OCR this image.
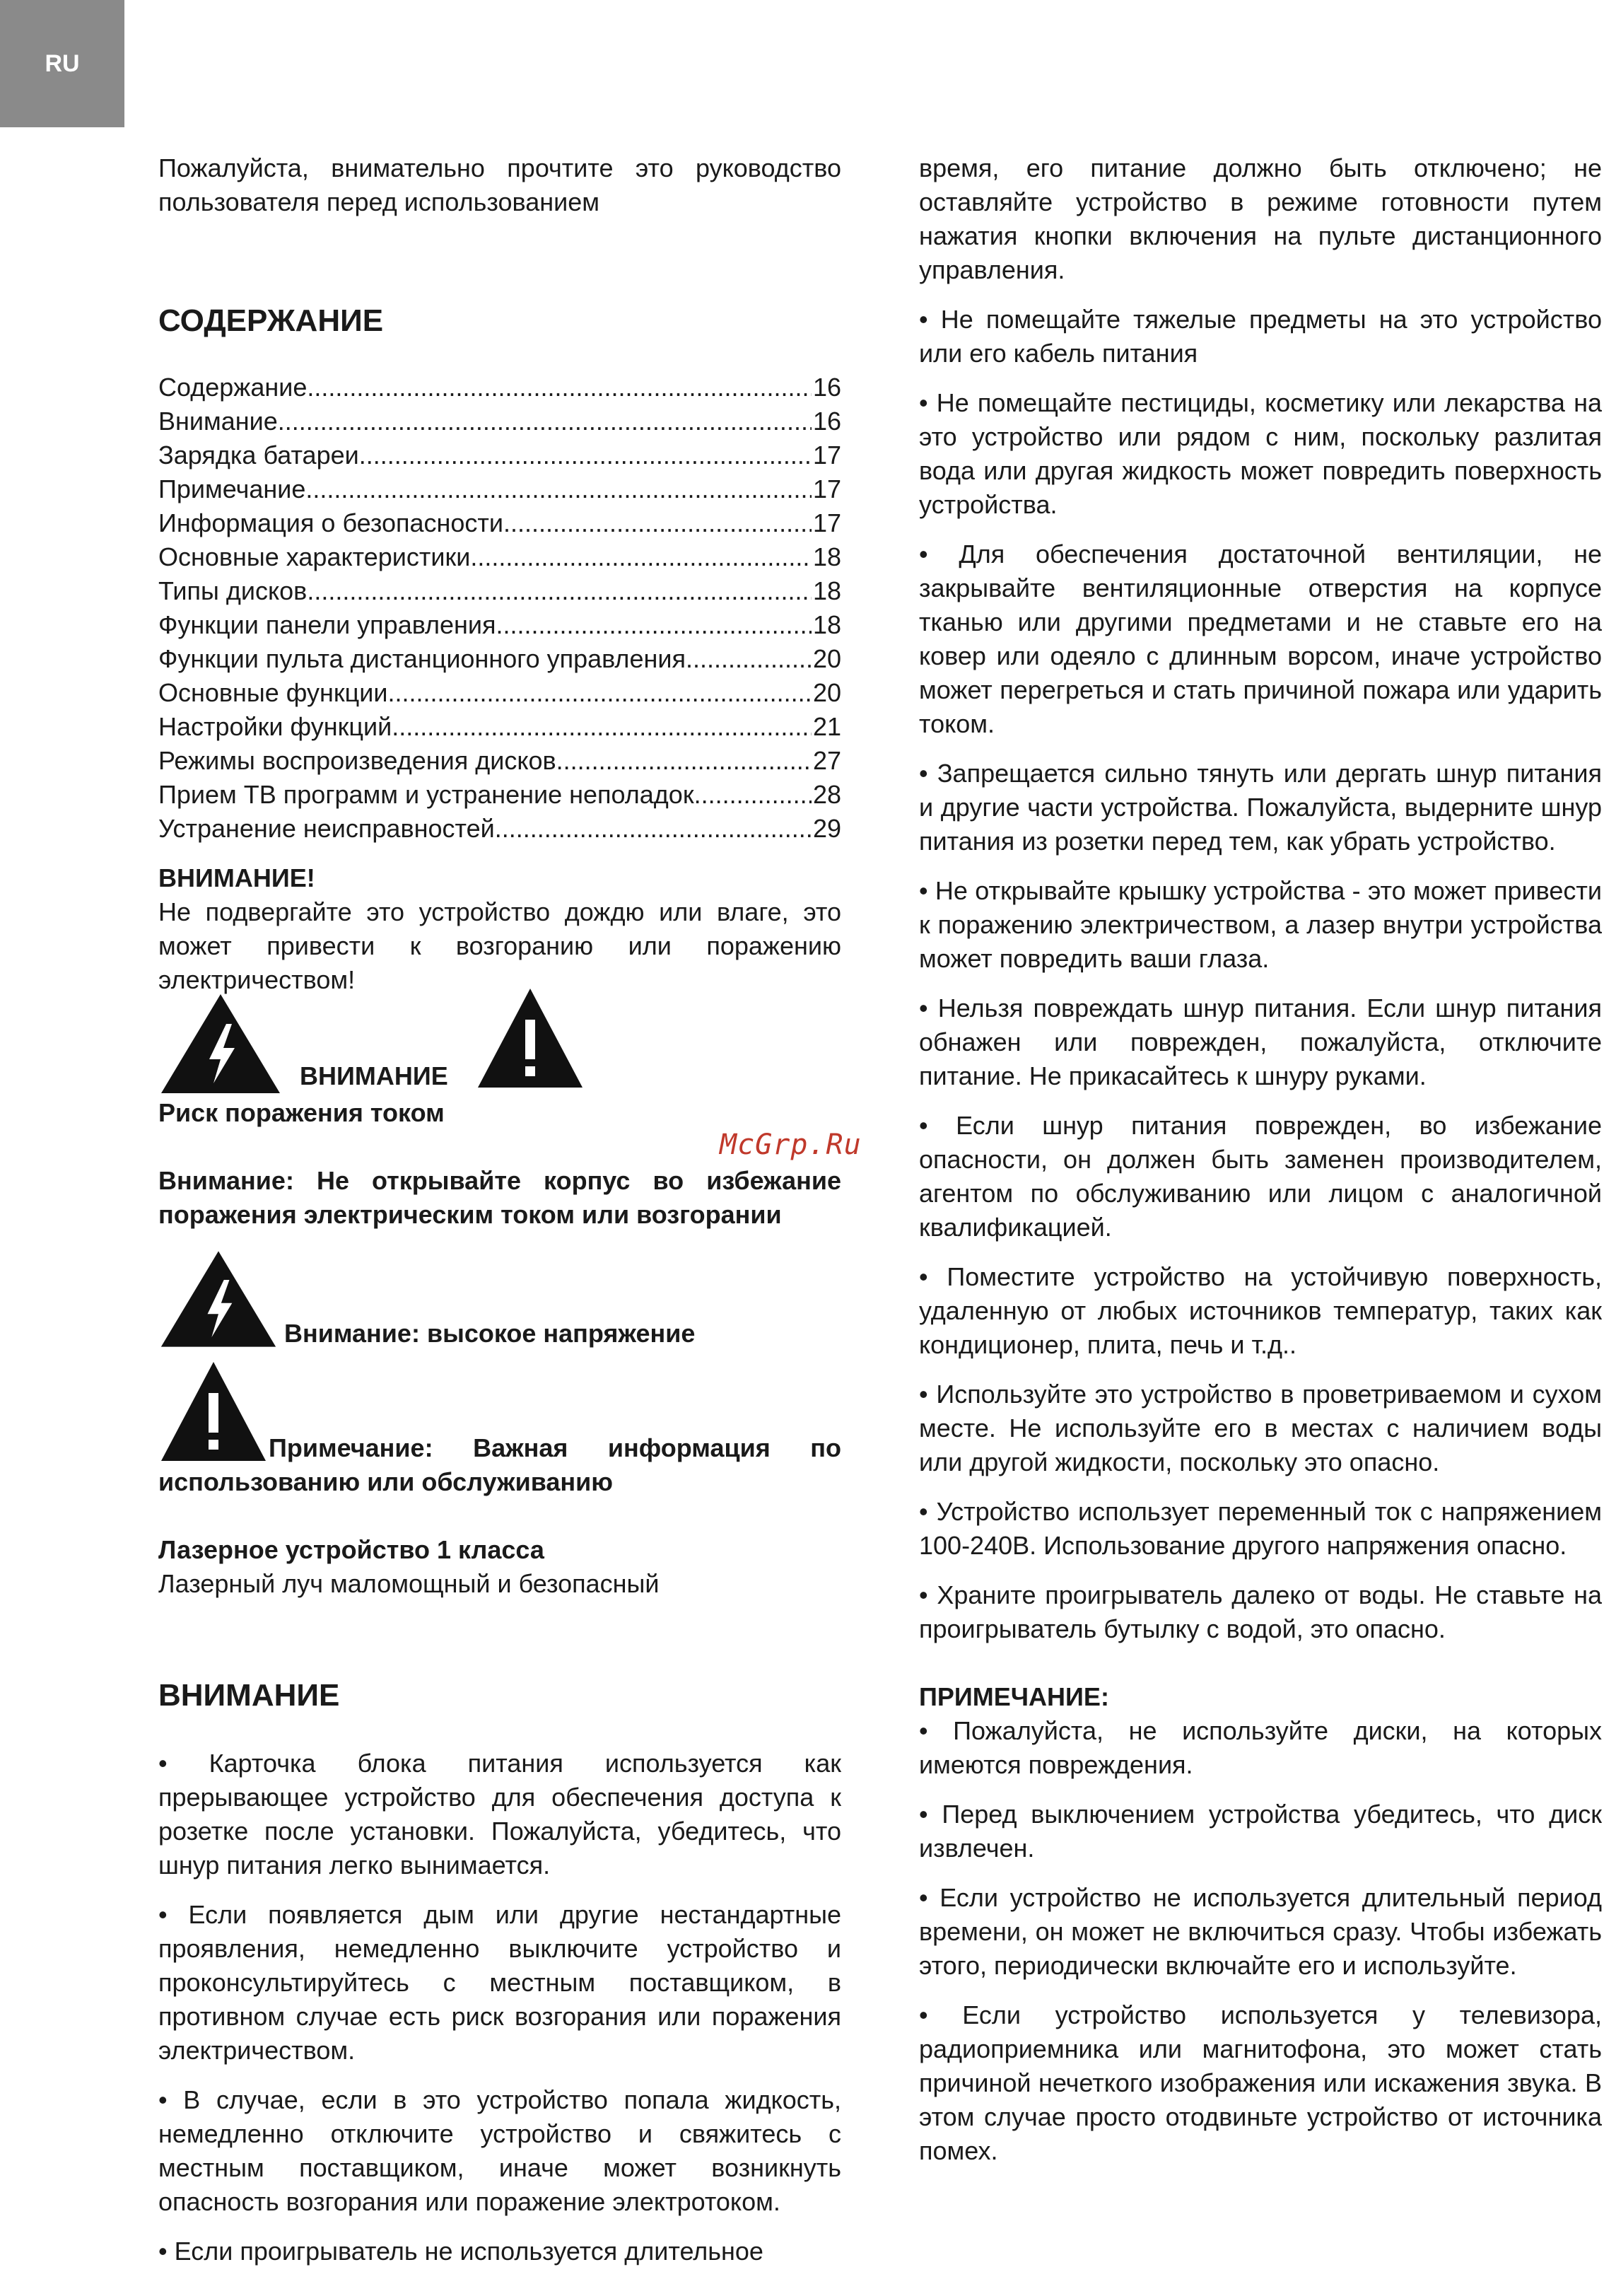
RU

Пожалуйста, внимательно прочтите это руководство пользователя перед использованием

СОДЕРЖАНИЕ
Содержание .....	16
Внимание .....	16
Зарядка батареи .....	17
Примечание .....	17
Информация о безопасности .....	17
Основные характеристики .....	18
Типы дисков .....	18
Функции панели управления .....	18
Функции пульта дистанционного управления .....	20
Основные функции .....	20
Настройки функций .....	21
Режимы воспроизведения дисков .....	27
Прием ТВ программ и устранение неполадок .....	28
Устранение неисправностей .....	29
ВНИМАНИЕ!

Не подвергайте это устройство дождю или влаге, это может привести к возгоранию или поражению электричеством!

ВНИМАНИЕ
Риск поражения током

Внимание: Не открывайте корпус во избежание поражения электрическим током или возгорании

Внимание: высокое напряжение

Примечание: Важная информация по использованию или обслуживанию

Лазерное устройство 1 класса
Лазерный луч маломощный и безопасный
ВНИМАНИЕ

• Карточка блока питания используется как прерывающее устройство для обеспечения доступа к розетке после установки. Пожалуйста, убедитесь, что шнур питания легко вынимается.

• Если появляется дым или другие нестандартные проявления, немедленно выключите устройство и проконсультируйтесь с местным поставщиком, в противном случае есть риск возгорания или поражения электричеством.

• В случае, если в это устройство попала жидкость, немедленно отключите устройство и свяжитесь с местным поставщиком, иначе может возникнуть опасность возгорания или поражение электротоком.

• Если проигрыватель не используется длительное

время, его питание должно быть отключено; не оставляйте устройство в режиме готовности путем нажатия кнопки включения на пульте дистанционного управления.

• Не помещайте тяжелые предметы на это устройство или его кабель питания

• Не помещайте пестициды, косметику или лекарства на это устройство или рядом с ним, поскольку разлитая вода или другая жидкость может повредить поверхность устройства.

• Для обеспечения достаточной вентиляции, не закрывайте вентиляционные отверстия на корпусе тканью или другими предметами и не ставьте его на ковер или одеяло с длинным ворсом, иначе устройство может перегреться и стать причиной пожара или ударить током.

• Запрещается сильно тянуть или дергать шнур питания и другие части устройства. Пожалуйста, выдерните шнур питания из розетки перед тем, как убрать устройство.

• Не открывайте крышку устройства - это может привести к поражению электричеством, а лазер внутри устройства может повредить ваши глаза.

• Нельзя повреждать шнур питания. Если шнур питания обнажен или поврежден, пожалуйста, отключите питание. Не прикасайтесь к шнуру руками.

• Если шнур питания поврежден, во избежание опасности, он должен быть заменен производителем, агентом по обслуживанию или лицом с аналогичной квалификацией.

• Поместите устройство на устойчивую поверхность, удаленную от любых источников температур, таких как кондиционер, плита, печь и т.д..

• Используйте это устройство в проветриваемом и сухом месте. Не используйте его в местах с наличием воды или другой жидкости, поскольку это опасно.

• Устройство использует переменный ток с напряжением 100-240В. Использование другого напряжения опасно.

• Храните проигрыватель далеко от воды. Не ставьте на проигрыватель бутылку с водой, это опасно.

ПРИМЕЧАНИЕ:

• Пожалуйста, не используйте диски, на которых имеются повреждения.

• Перед выключением устройства убедитесь, что диск извлечен.

• Если устройство не используется длительный период времени, он может не включиться сразу. Чтобы избежать этого, периодически включайте его и используйте.

• Если устройство используется у телевизора, радиоприемника или магнитофона, это может стать причиной нечеткого изображения или искажения звука. В этом случае просто отодвиньте устройство от источника помех.

McGrp.Ru
